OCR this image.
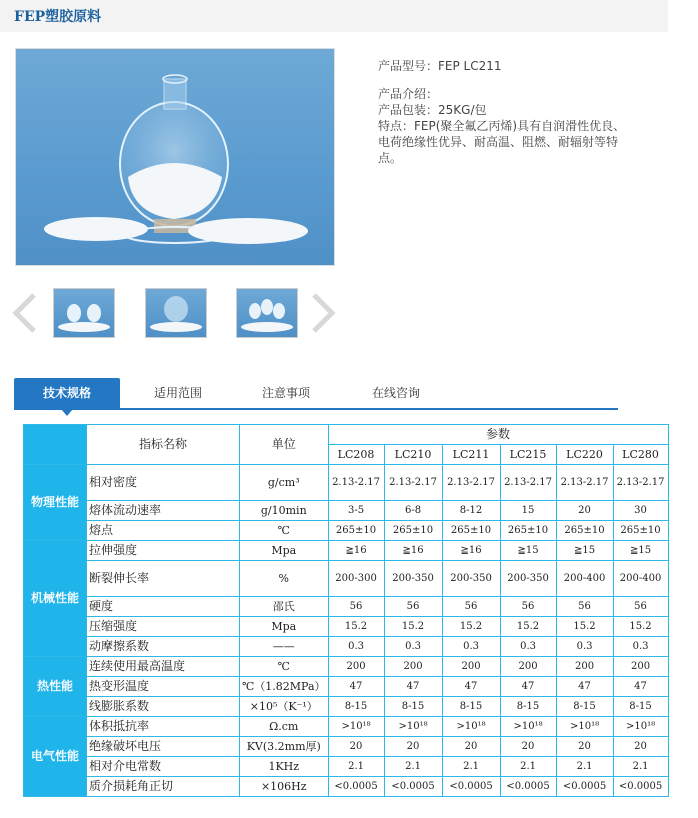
FEP塑胶原料
产品型号：FEP LC211
产品介绍：
产品包装：25KG/包
特点：FEP(聚全氟乙丙烯)具有自润滑性优良、
电荷绝缘性优异、耐高温、阻燃、耐辐射等特
点。
技术规格	适用范围	注意事项	在线咨询
	指标名称	单位	参数					
			LC208	LC210	LC211	LC215	LC220	LC280
物理性能	相对密度	g/cm³	2.13-2.17	2.13-2.17	2.13-2.17	2.13-2.17	2.13-2.17	2.13-2.17
	熔体流动速率	g/10min	3-5	6-8	8-12	15	20	30
	熔点	℃	265±10	265±10	265±10	265±10	265±10	265±10
机械性能	拉伸强度	Mpa	≧16	≧16	≧16	≧15	≧15	≧15
	断裂伸长率	%	200-300	200-350	200-350	200-350	200-400	200-400
	硬度	邵氏	56	56	56	56	56	56
	压缩强度	Mpa	15.2	15.2	15.2	15.2	15.2	15.2
	动摩擦系数	——	0.3	0.3	0.3	0.3	0.3	0.3
热性能	连续使用最高温度	℃	200	200	200	200	200	200
	热变形温度	℃（1.82MPa）	47	47	47	47	47	47
	线膨胀系数	×10⁵（K⁻¹）	8-15	8-15	8-15	8-15	8-15	8-15
电气性能	体积抵抗率	Ω.cm	>10¹⁸	>10¹⁸	>10¹⁸	>10¹⁸	>10¹⁸	>10¹⁸
	绝缘破坏电压	KV(3.2mm厚)	20	20	20	20	20	20
	相对介电常数	1KHz	2.1	2.1	2.1	2.1	2.1	2.1
	质介损耗角正切	×106Hz	<0.0005	<0.0005	<0.0005	<0.0005	<0.0005	<0.0005
